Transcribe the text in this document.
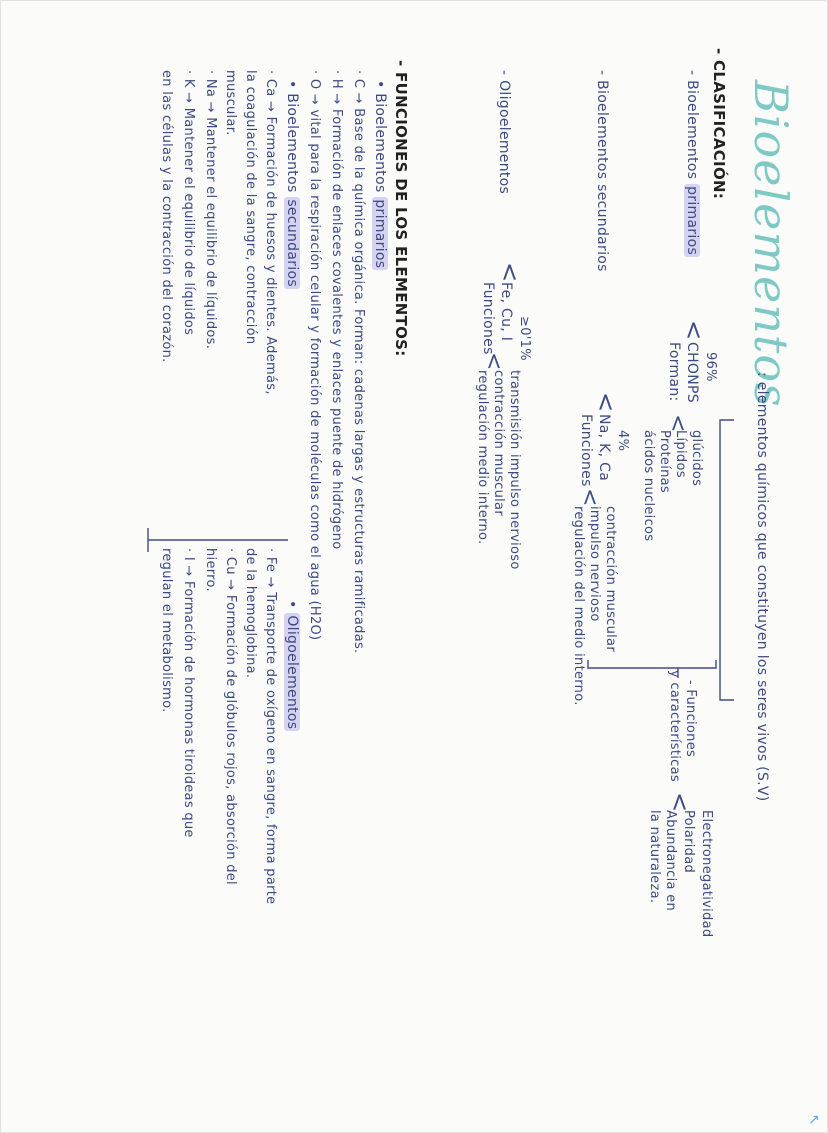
Bioelementos
: elementos químicos que constituyen los seres vivos (S.V)
- CLASIFICACIÓN:
- Bioelementos primarios
<
96%
CHONPS
Forman:
<
glúcidos
Lípidos
Proteínas
ácidos nucleicos
- Funciones
y características
<
Electronegatividad
Polaridad
Abundancia en
la naturaleza.
- Bioelementos secundarios
<
4%
Na, K, Ca
Funciones
<
contracción muscular
impulso nervioso
regulación del medio interno.
- Oligoelementos
<
≥0'1%
Fe, Cu, I
Funciones
<
transmisión impulso nervioso
contracción muscular
regulación medio interno.
- FUNCIONES DE LOS ELEMENTOS:
• Bioelementos primarios
· C → Base de la química orgánica. Forman: cadenas largas y estructuras ramificadas.
· H → Formación de enlaces covalentes y enlaces puente de hidrógeno
· O → vital para la respiración celular y formación de moléculas como el agua (H2O)
• Bioelementos secundarios
· Ca → Formación de huesos y dientes. Además,
la coagulación de la sangre, contracción
muscular.
· Na → Mantener el equilibrio de líquidos.
· K → Mantener el equilibrio de líquidos
en las células y la contracción del corazón.
• Oligoelementos
· Fe → Transporte de oxígeno en sangre, forma parte
de la hemoglobina.
· Cu → Formación de glóbulos rojos, absorción del
hierro.
· I → Formación de hormonas tiroideas que
regulan el metabolismo.
↗
